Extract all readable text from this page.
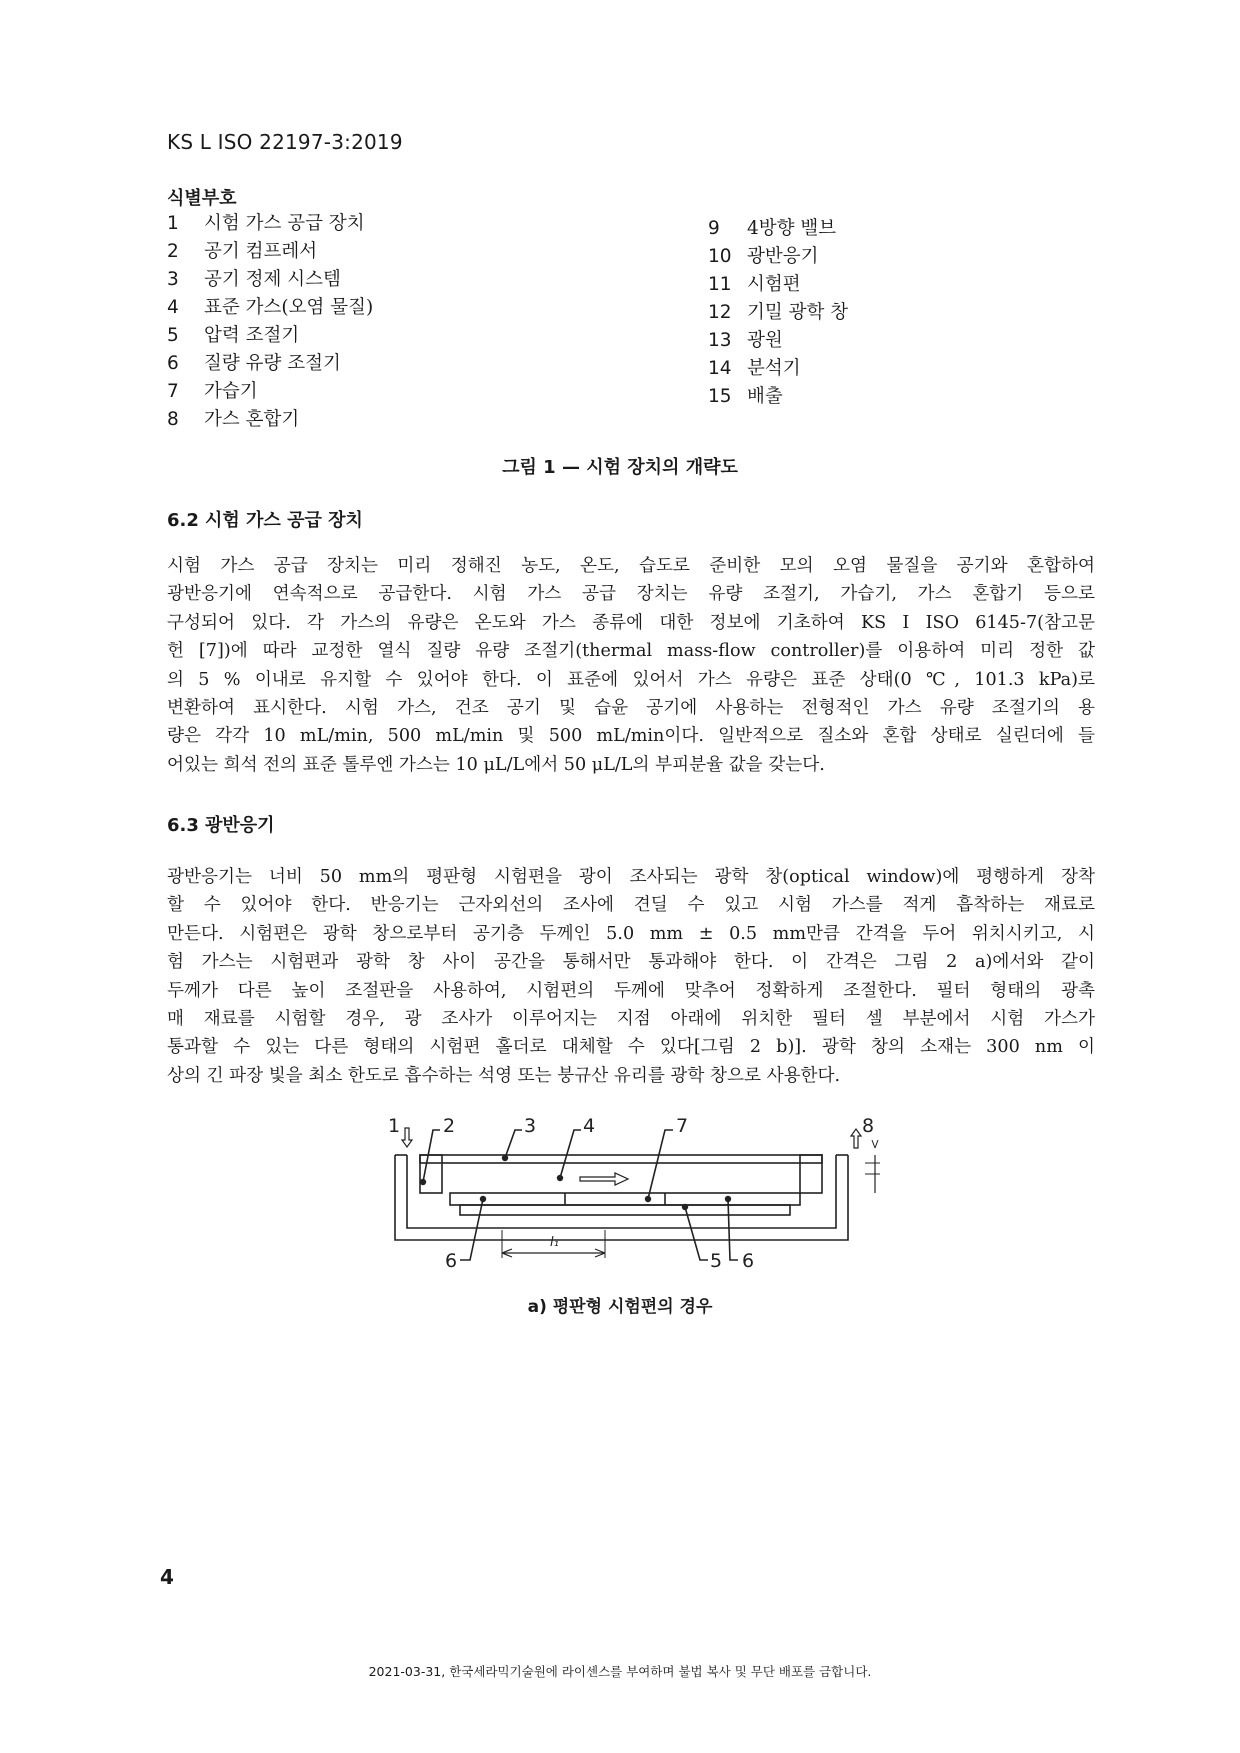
KS L ISO 22197-3:2019
식별부호
1 시험 가스 공급 장치
2 공기 컴프레서
3 공기 정제 시스템
4 표준 가스(오염 물질)
5 압력 조절기
6 질량 유량 조절기
7 가습기
8 가스 혼합기
9 4방향 밸브
10 광반응기
11 시험편
12 기밀 광학 창
13 광원
14 분석기
15 배출
그림 1 — 시험 장치의 개략도
6.2 시험 가스 공급 장치
시험 가스 공급 장치는 미리 정해진 농도, 온도, 습도로 준비한 모의 오염 물질을 공기와 혼합하여
광반응기에 연속적으로 공급한다. 시험 가스 공급 장치는 유량 조절기, 가습기, 가스 혼합기 등으로
구성되어 있다. 각 가스의 유량은 온도와 가스 종류에 대한 정보에 기초하여 KS I ISO 6145-7(참고문
헌 [7])에 따라 교정한 열식 질량 유량 조절기(thermal mass-flow controller)를 이용하여 미리 정한 값
의 5 % 이내로 유지할 수 있어야 한다. 이 표준에 있어서 가스 유량은 표준 상태(0 ℃, 101.3 kPa)로
변환하여 표시한다. 시험 가스, 건조 공기 및 습윤 공기에 사용하는 전형적인 가스 유량 조절기의 용
량은 각각 10 mL/min, 500 mL/min 및 500 mL/min이다. 일반적으로 질소와 혼합 상태로 실린더에 들
어있는 희석 전의 표준 톨루엔 가스는 10 μL/L에서 50 μL/L의 부피분율 값을 갖는다.
6.3 광반응기
광반응기는 너비 50 mm의 평판형 시험편을 광이 조사되는 광학 창(optical window)에 평행하게 장착
할 수 있어야 한다. 반응기는 근자외선의 조사에 견딜 수 있고 시험 가스를 적게 흡착하는 재료로
만든다. 시험편은 광학 창으로부터 공기층 두께인 5.0 mm ± 0.5 mm만큼 간격을 두어 위치시키고, 시
험 가스는 시험편과 광학 창 사이 공간을 통해서만 통과해야 한다. 이 간격은 그림 2 a)에서와 같이
두께가 다른 높이 조절판을 사용하여, 시험편의 두께에 맞추어 정확하게 조절한다. 필터 형태의 광촉
매 재료를 시험할 경우, 광 조사가 이루어지는 지점 아래에 위치한 필터 셀 부분에서 시험 가스가
통과할 수 있는 다른 형태의 시험편 홀더로 대체할 수 있다[그림 2 b)]. 광학 창의 소재는 300 nm 이
상의 긴 파장 빛을 최소 한도로 흡수하는 석영 또는 붕규산 유리를 광학 창으로 사용한다.
1 2	3 4	7	8
6	5 6
l₁
a) 평판형 시험편의 경우
4
2021-03-31, 한국세라믹기술원에 라이센스를 부여하며 불법 복사 및 무단 배포를 금합니다.
